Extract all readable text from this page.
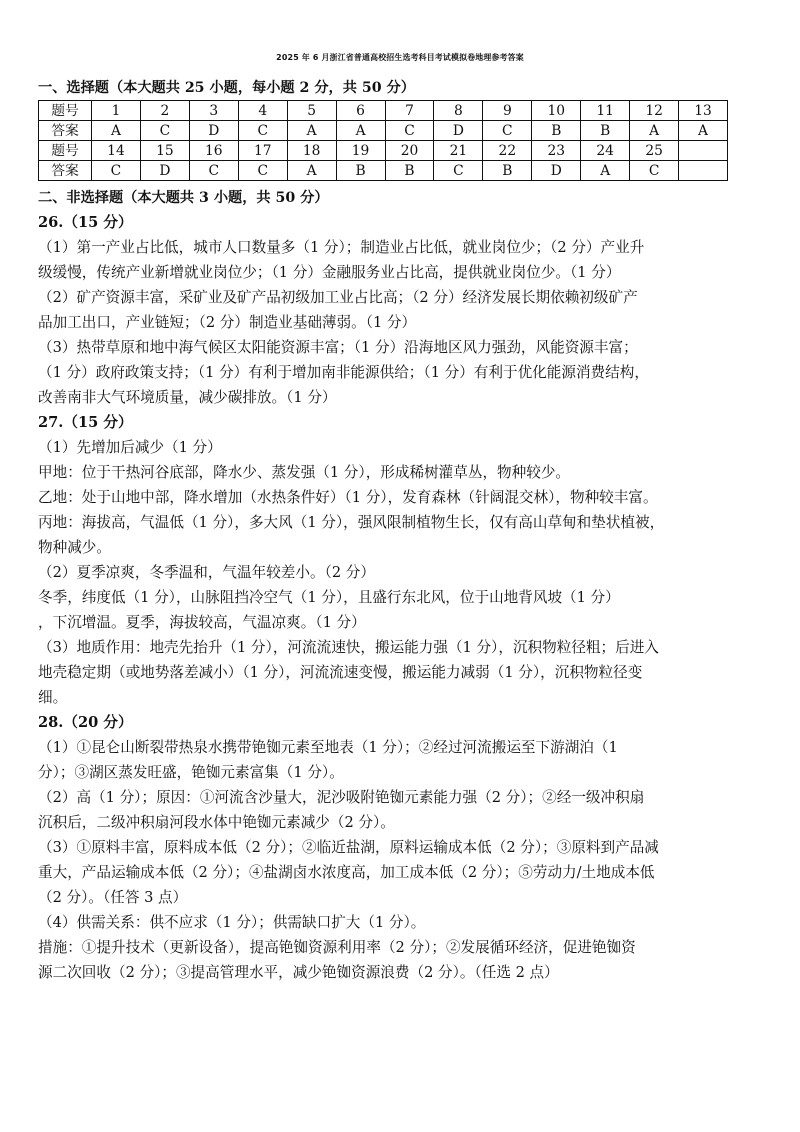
2025 年 6 月浙江省普通高校招生选考科目考试模拟卷地理参考答案
一、选择题（本大题共 25 小题，每小题 2 分，共 50 分）
题号	1	2	3	4	5	6	7	8	9	10	11	12	13
答案	A	C	D	C	A	A	C	D	C	B	B	A	A
题号	14	15	16	17	18	19	20	21	22	23	24	25	
答案	C	D	C	C	A	B	B	C	B	D	A	C	
二、非选择题（本大题共 3 小题，共 50 分）
26.（15 分）
（1）第一产业占比低，城市人口数量多（1 分）；制造业占比低，就业岗位少；（2 分）产业升
级缓慢，传统产业新增就业岗位少；（1 分）金融服务业占比高，提供就业岗位少。（1 分）
（2）矿产资源丰富，采矿业及矿产品初级加工业占比高；（2 分）经济发展长期依赖初级矿产
品加工出口，产业链短；（2 分）制造业基础薄弱。（1 分）
（3）热带草原和地中海气候区太阳能资源丰富；（1 分）沿海地区风力强劲，风能资源丰富；
（1 分）政府政策支持；（1 分）有利于增加南非能源供给；（1 分）有利于优化能源消费结构，
改善南非大气环境质量，减少碳排放。（1 分）
27.（15 分）
（1）先增加后减少（1 分）
甲地：位于干热河谷底部，降水少、蒸发强（1 分），形成稀树灌草丛，物种较少。
乙地：处于山地中部，降水增加（水热条件好）（1 分），发育森林（针阔混交林），物种较丰富。
丙地：海拔高，气温低（1 分），多大风（1 分），强风限制植物生长，仅有高山草甸和垫状植被，
物种减少。
（2）夏季凉爽，冬季温和，气温年较差小。（2 分）
冬季，纬度低（1 分），山脉阻挡冷空气（1 分），且盛行东北风，位于山地背风坡（1 分）
，下沉增温。夏季，海拔较高，气温凉爽。（1 分）
（3）地质作用：地壳先抬升（1 分），河流流速快，搬运能力强（1 分），沉积物粒径粗；后进入
地壳稳定期（或地势落差减小）（1 分），河流流速变慢，搬运能力减弱（1 分），沉积物粒径变
细。
28.（20 分）
（1）①昆仑山断裂带热泉水携带铯铷元素至地表（1 分）；②经过河流搬运至下游湖泊（1
分）；③湖区蒸发旺盛，铯铷元素富集（1 分）。
（2）高（1 分）；原因：①河流含沙量大，泥沙吸附铯铷元素能力强（2 分）；②经一级冲积扇
沉积后，二级冲积扇河段水体中铯铷元素减少（2 分）。
（3）①原料丰富，原料成本低（2 分）；②临近盐湖，原料运输成本低（2 分）；③原料到产品减
重大，产品运输成本低（2 分）；④盐湖卤水浓度高，加工成本低（2 分）；⑤劳动力/土地成本低
（2 分）。（任答 3 点）
（4）供需关系：供不应求（1 分）；供需缺口扩大（1 分）。
措施：①提升技术（更新设备），提高铯铷资源利用率（2 分）；②发展循环经济，促进铯铷资
源二次回收（2 分）；③提高管理水平，减少铯铷资源浪费（2 分）。（任选 2 点）
